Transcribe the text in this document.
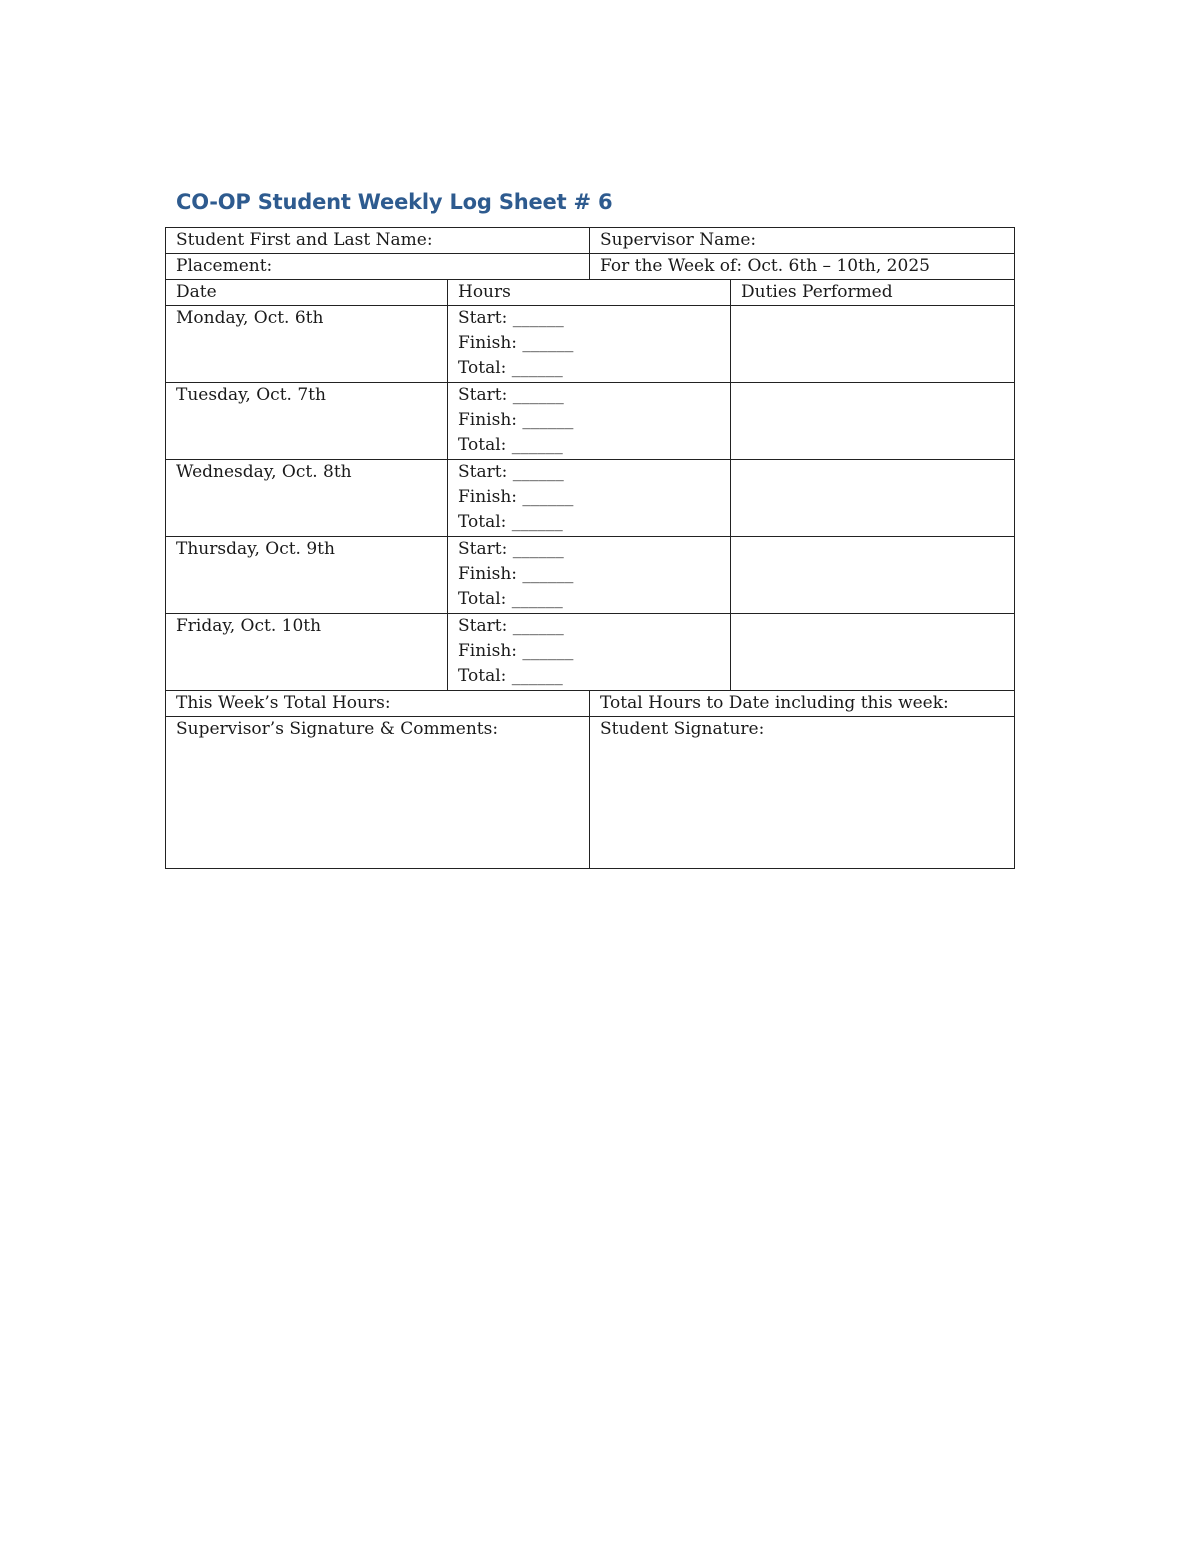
CO-OP Student Weekly Log Sheet # 6
Student First and Last Name:		Supervisor Name:	
Placement:		For the Week of: Oct. 6th – 10th, 2025	
Date	Hours		Duties Performed
Monday, Oct. 6th	Start: ______
Finish: ______
Total: ______		

Tuesday, Oct. 7th	Start: ______
Finish: ______
Total: ______		

Wednesday, Oct. 8th	Start: ______
Finish: ______
Total: ______		

Thursday, Oct. 9th	Start: ______
Finish: ______
Total: ______		

Friday, Oct. 10th	Start: ______
Finish: ______
Total: ______		

This Week’s Total Hours:		Total Hours to Date including this week:	
Supervisor’s Signature & Comments:		Student Signature:	
